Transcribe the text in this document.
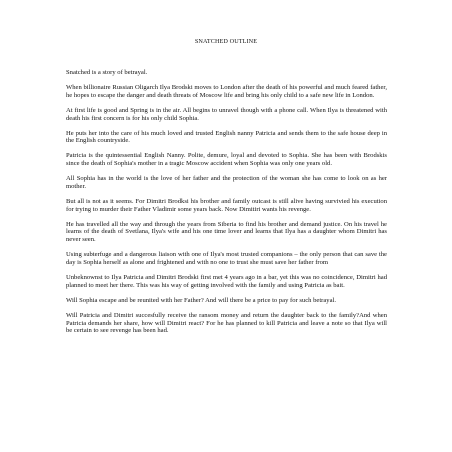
SNATCHED OUTLINE

Snatched is a story of betrayal.

When billionaire Russian Oligarch Ilya Brodski moves to London after the death of his powerful and much feared father, he hopes to escape the danger and death threats of Moscow life and bring his only child to a safe new life in London.

At first life is good and Spring is in the air. All begins to unravel though with a phone call. When Ilya is threatened with death his first concern is for his only child Sophia.

He puts her into the care of his much loved and trusted English nanny Patricia and sends them to the safe house deep in the English countryside.

Patricia is the quintessential English Nanny. Polite, demure, loyal and devoted to Sophia. She has been with Brodskis since the death of Sophia's mother in a tragic Moscow accident when Sophia was only one years old.

All Sophia has in the world is the love of her father and the protection of the woman she has come to look on as her mother.

But all is not as it seems. For Dimitri Brodksi his brother and family outcast is still alive having survivied his execution for trying to murder their Father Vladimir some years back. Now Dimitiri wants his revenge.

He has travelled all the way and through the years from Siberia to find his brother and demand justice. On his travel he learns of the death of Svetlana, Ilya's wife and his one time lover and learns that Ilya has a daughter whom Dimitri has never seen.

Using subterfuge and a dangerous liaison with one of Ilya's most trusted companions – the only person that can save the day is Sophia herself as alone and frightened and with no one to trust she must save her father from

Unbeknownst to Ilya Patricia and Dimitri Brodski first met 4 years ago in a bar, yet this was no coincidence, Dimitri had planned to meet her there. This was his way of getting involved with the family and using Patricia as bait.

Will Sophia escape and be reunited with her Father? And will there be a price to pay for such betrayal.

Will Patricia and Dimitri succesfully receive the ransom money and return the daughter back to the family?And when Patricia demands her share, how will Dimitri react? For he has planned to kill Patricia and leave a note so that Ilya will be certain to see revenge has been had.
